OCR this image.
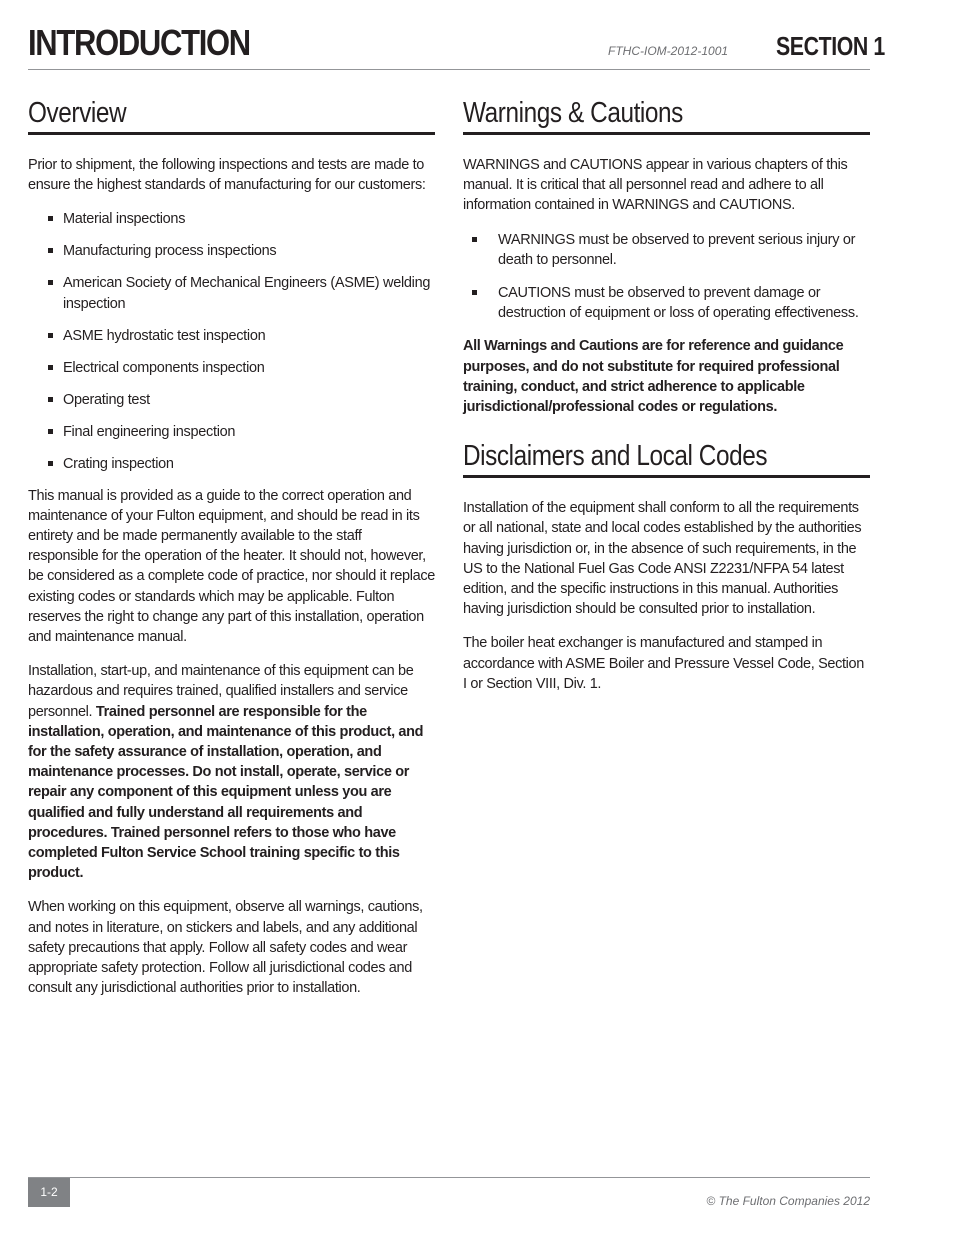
INTRODUCTION	FTHC-IOM-2012-1001 SECTION 1
Overview

Prior to shipment, the following inspections and tests are made to ensure the highest standards of manufacturing for our customers:

Material inspections
Manufacturing process inspections
American Society of Mechanical Engineers (ASME) welding inspection
ASME hydrostatic test inspection
Electrical components inspection
Operating test
Final engineering inspection
Crating inspection

This manual is provided as a guide to the correct operation and maintenance of your Fulton equipment, and should be read in its entirety and be made permanently available to the staff responsible for the operation of the heater. It should not, however, be considered as a complete code of practice, nor should it replace existing codes or standards which may be applicable. Fulton reserves the right to change any part of this installation, operation and maintenance manual.

Installation, start-up, and maintenance of this equipment can be hazardous and requires trained, qualified installers and service personnel. Trained personnel are responsible for the installation, operation, and maintenance of this product, and for the safety assurance of installation, operation, and maintenance processes. Do not install, operate, service or repair any component of this equipment unless you are qualified and fully understand all requirements and procedures. Trained personnel refers to those who have completed Fulton Service School training specific to this product.

When working on this equipment, observe all warnings, cautions, and notes in literature, on stickers and labels, and any additional safety precautions that apply. Follow all safety codes and wear appropriate safety protection. Follow all jurisdictional codes and consult any jurisdictional authorities prior to installation.

Warnings & Cautions

WARNINGS and CAUTIONS appear in various chapters of this manual. It is critical that all personnel read and adhere to all information contained in WARNINGS and CAUTIONS.

WARNINGS must be observed to prevent serious injury or death to personnel.
CAUTIONS must be observed to prevent damage or destruction of equipment or loss of operating effectiveness.

All Warnings and Cautions are for reference and guidance purposes, and do not substitute for required professional training, conduct, and strict adherence to applicable jurisdictional/professional codes or regulations.

Disclaimers and Local Codes

Installation of the equipment shall conform to all the requirements or all national, state and local codes established by the authorities having jurisdiction or, in the absence of such requirements, in the US to the National Fuel Gas Code ANSI Z2231/NFPA 54 latest edition, and the specific instructions in this manual. Authorities having jurisdiction should be consulted prior to installation.

The boiler heat exchanger is manufactured and stamped in accordance with ASME Boiler and Pressure Vessel Code, Section I or Section VIII, Div. 1.

1-2
© The Fulton Companies 2012
